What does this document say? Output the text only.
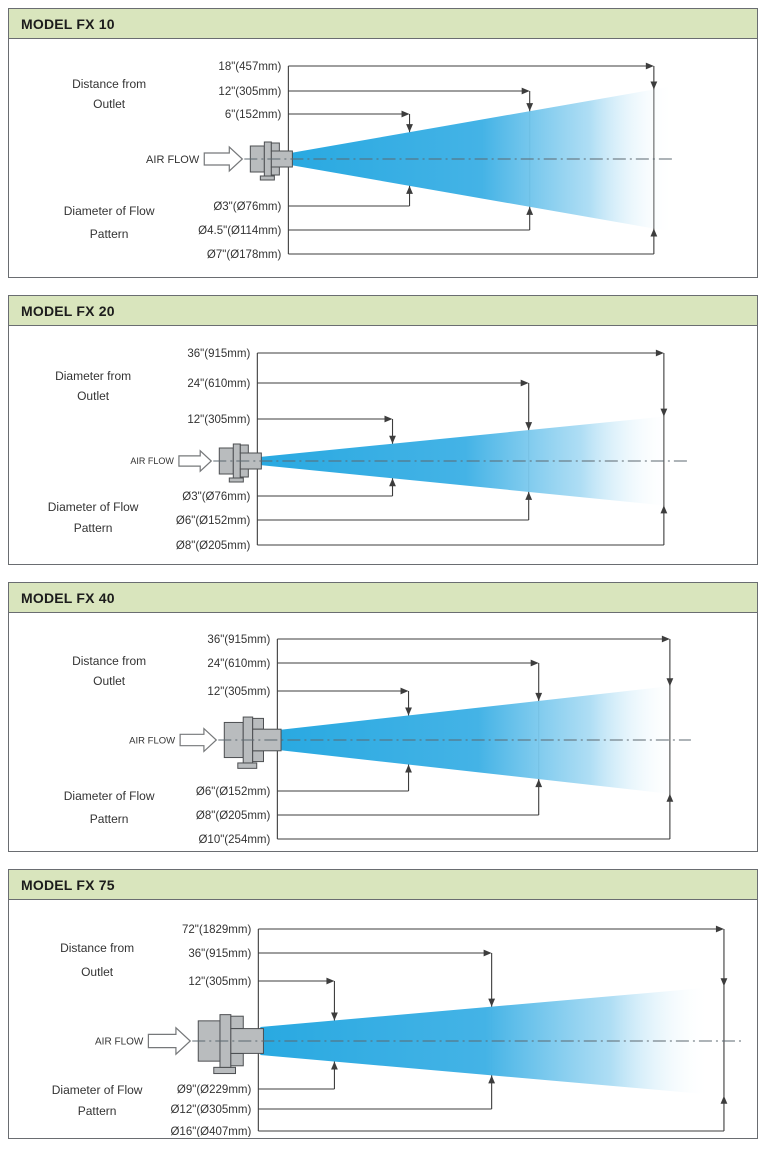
MODEL FX 10
18"(457mm)
12"(305mm)
6"(152mm)
Ø3"(Ø76mm)
Ø4.5"(Ø114mm)
Ø7"(Ø178mm)
Distance from
Outlet
Diameter of Flow
Pattern
AIR FLOW
MODEL FX 20
36"(915mm)
24"(610mm)
12"(305mm)
Ø3"(Ø76mm)
Ø6"(Ø152mm)
Ø8"(Ø205mm)
Diameter from
Outlet
Diameter of Flow
Pattern
AIR FLOW
MODEL FX 40
36"(915mm)
24"(610mm)
12"(305mm)
Ø6"(Ø152mm)
Ø8"(Ø205mm)
Ø10"(254mm)
Distance from
Outlet
Diameter of Flow
Pattern
AIR FLOW
MODEL FX 75
72"(1829mm)
36"(915mm)
12"(305mm)
Ø9"(Ø229mm)
Ø12"(Ø305mm)
Ø16"(Ø407mm)
Distance from
Outlet
Diameter of Flow
Pattern
AIR FLOW
